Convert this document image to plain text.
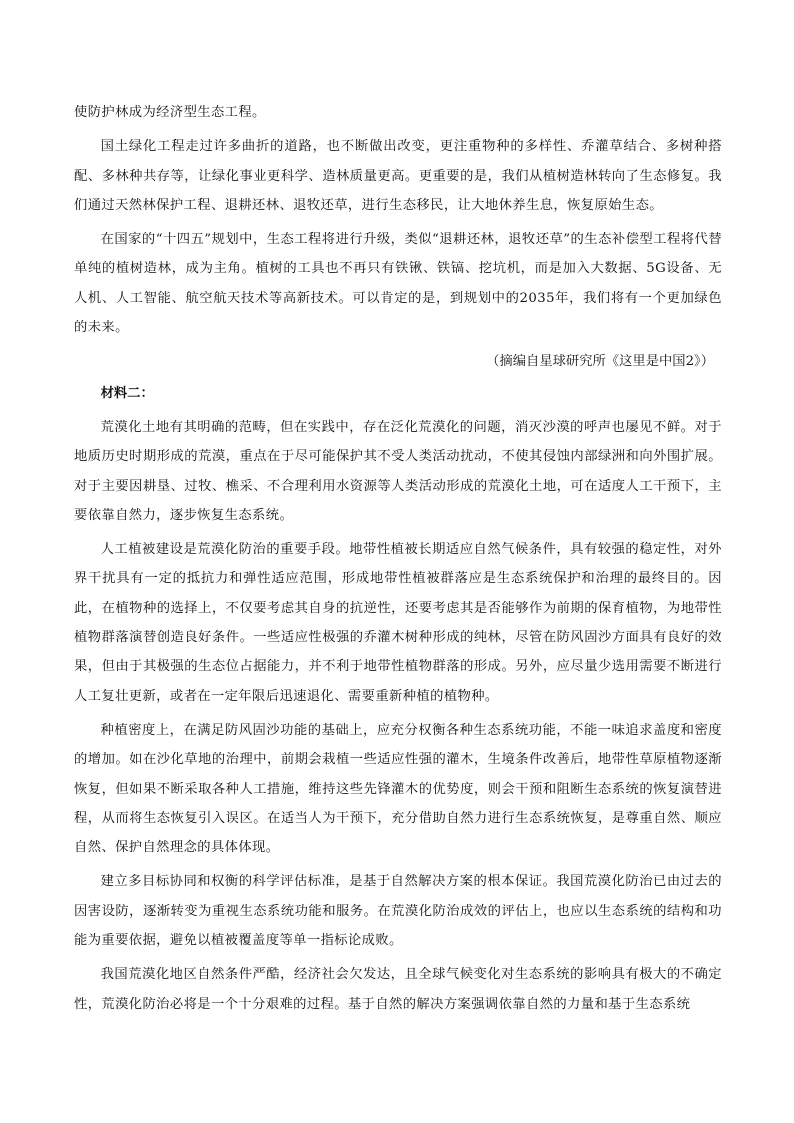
使防护林成为经济型生态工程。

国土绿化工程走过许多曲折的道路，也不断做出改变，更注重物种的多样性、乔灌草结合、多树种搭配、多林种共存等，让绿化事业更科学、造林质量更高。更重要的是，我们从植树造林转向了生态修复。我们通过天然林保护工程、退耕还林、退牧还草，进行生态移民，让大地休养生息，恢复原始生态。

在国家的“十四五”规划中，生态工程将进行升级，类似“退耕还林，退牧还草”的生态补偿型工程将代替单纯的植树造林，成为主角。植树的工具也不再只有铁锹、铁镐、挖坑机，而是加入大数据、5G设备、无人机、人工智能、航空航天技术等高新技术。可以肯定的是，到规划中的2035年，我们将有一个更加绿色的未来。

（摘编自星球研究所《这里是中国2》）

材料二：

荒漠化土地有其明确的范畴，但在实践中，存在泛化荒漠化的问题，消灭沙漠的呼声也屡见不鲜。对于地质历史时期形成的荒漠，重点在于尽可能保护其不受人类活动扰动，不使其侵蚀内部绿洲和向外围扩展。对于主要因耕垦、过牧、樵采、不合理利用水资源等人类活动形成的荒漠化土地，可在适度人工干预下，主要依靠自然力，逐步恢复生态系统。

人工植被建设是荒漠化防治的重要手段。地带性植被长期适应自然气候条件，具有较强的稳定性，对外界干扰具有一定的抵抗力和弹性适应范围，形成地带性植被群落应是生态系统保护和治理的最终目的。因此，在植物种的选择上，不仅要考虑其自身的抗逆性，还要考虑其是否能够作为前期的保育植物，为地带性植物群落演替创造良好条件。一些适应性极强的乔灌木树种形成的纯林，尽管在防风固沙方面具有良好的效果，但由于其极强的生态位占据能力，并不利于地带性植物群落的形成。另外，应尽量少选用需要不断进行人工复壮更新，或者在一定年限后迅速退化、需要重新种植的植物种。

种植密度上，在满足防风固沙功能的基础上，应充分权衡各种生态系统功能，不能一味追求盖度和密度的增加。如在沙化草地的治理中，前期会栽植一些适应性强的灌木，生境条件改善后，地带性草原植物逐渐恢复，但如果不断采取各种人工措施，维持这些先锋灌木的优势度，则会干预和阻断生态系统的恢复演替进程，从而将生态恢复引入误区。在适当人为干预下，充分借助自然力进行生态系统恢复，是尊重自然、顺应自然、保护自然理念的具体体现。

建立多目标协同和权衡的科学评估标准，是基于自然解决方案的根本保证。我国荒漠化防治已由过去的因害设防，逐渐转变为重视生态系统功能和服务。在荒漠化防治成效的评估上，也应以生态系统的结构和功能为重要依据，避免以植被覆盖度等单一指标论成败。

我国荒漠化地区自然条件严酷，经济社会欠发达，且全球气候变化对生态系统的影响具有极大的不确定性，荒漠化防治必将是一个十分艰难的过程。基于自然的解决方案强调依靠自然的力量和基于生态系统
